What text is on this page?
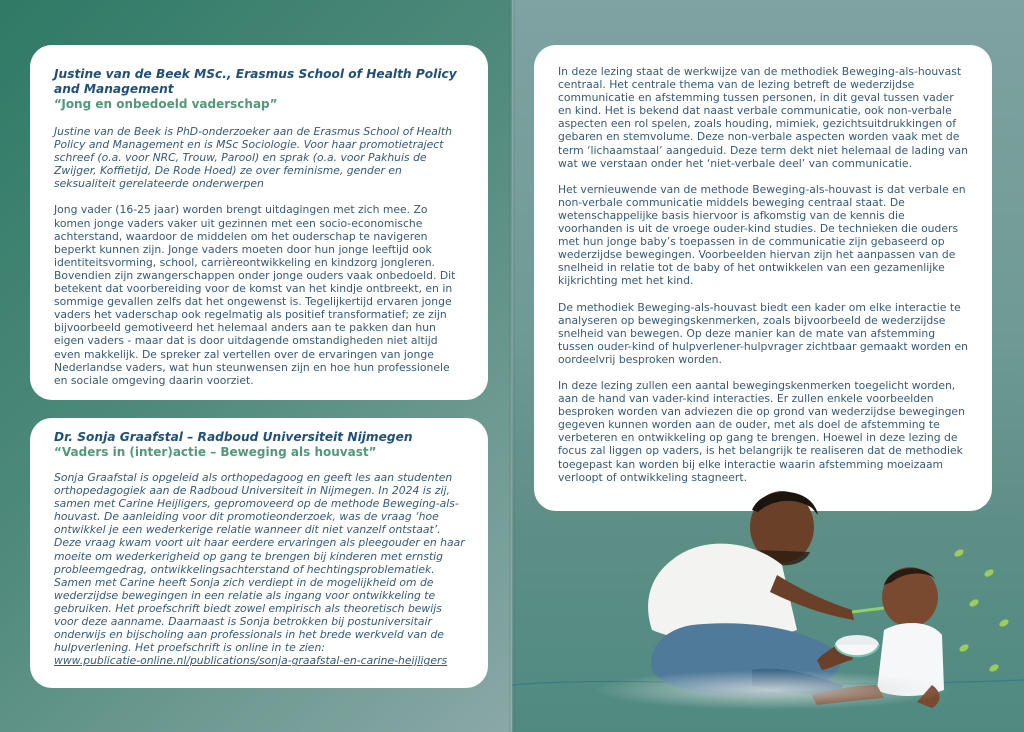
Justine van de Beek MSc., Erasmus School of Health Policy and Management

“Jong en onbedoeld vaderschap”

Justine van de Beek is PhD-onderzoeker aan de Erasmus School of Health Policy and Management en is MSc Sociologie. Voor haar promotietraject schreef (o.a. voor NRC, Trouw, Parool) en sprak (o.a. voor Pakhuis de Zwijger, Koffietijd, De Rode Hoed) ze over feminisme, gender en seksualiteit gerelateerde onderwerpen

Jong vader (16-25 jaar) worden brengt uitdagingen met zich mee. Zo komen jonge vaders vaker uit gezinnen met een socio-economische achterstand, waardoor de middelen om het ouderschap te navigeren beperkt kunnen zijn. Jonge vaders moeten door hun jonge leeftijd ook identiteitsvorming, school, carrièreontwikkeling en kindzorg jongleren. Bovendien zijn zwangerschappen onder jonge ouders vaak onbedoeld. Dit betekent dat voorbereiding voor de komst van het kindje ontbreekt, en in sommige gevallen zelfs dat het ongewenst is. Tegelijkertijd ervaren jonge vaders het vaderschap ook regelmatig als positief transformatief; ze zijn bijvoorbeeld gemotiveerd het helemaal anders aan te pakken dan hun eigen vaders - maar dat is door uitdagende omstandigheden niet altijd even makkelijk. De spreker zal vertellen over de ervaringen van jonge Nederlandse vaders, wat hun steunwensen zijn en hoe hun professionele en sociale omgeving daarin voorziet.

Dr. Sonja Graafstal – Radboud Universiteit Nijmegen

“Vaders in (inter)actie – Beweging als houvast”

Sonja Graafstal is opgeleid als orthopedagoog en geeft les aan studenten orthopedagogiek aan de Radboud Universiteit in Nijmegen. In 2024 is zij, samen met Carine Heijligers, gepromoveerd op de methode Beweging-als-houvast. De aanleiding voor dit promotieonderzoek, was de vraag ‘hoe ontwikkel je een wederkerige relatie wanneer dit niet vanzelf ontstaat’. Deze vraag kwam voort uit haar eerdere ervaringen als pleegouder en haar moeite om wederkerigheid op gang te brengen bij kinderen met ernstig probleemgedrag, ontwikkelingsachterstand of hechtingsproblematiek. Samen met Carine heeft Sonja zich verdiept in de mogelijkheid om de wederzijdse bewegingen in een relatie als ingang voor ontwikkeling te gebruiken. Het proefschrift biedt zowel empirisch als theoretisch bewijs voor deze aanname. Daarnaast is Sonja betrokken bij postuniversitair onderwijs en bijscholing aan professionals in het brede werkveld van de hulpverlening. Het proefschrift is online in te zien:
www.publicatie-online.nl/publications/sonja-graafstal-en-carine-heijligers

In deze lezing staat de werkwijze van de methodiek Beweging-als-houvast centraal. Het centrale thema van de lezing betreft de wederzijdse communicatie en afstemming tussen personen, in dit geval tussen vader en kind. Het is bekend dat naast verbale communicatie, ook non-verbale aspecten een rol spelen, zoals houding, mimiek, gezichtsuitdrukkingen of gebaren en stemvolume. Deze non-verbale aspecten worden vaak met de term ‘lichaamstaal’ aangeduid. Deze term dekt niet helemaal de lading van wat we verstaan onder het ‘niet-verbale deel’ van communicatie.

Het vernieuwende van de methode Beweging-als-houvast is dat verbale en non-verbale communicatie middels beweging centraal staat. De wetenschappelijke basis hiervoor is afkomstig van de kennis die voorhanden is uit de vroege ouder-kind studies. De technieken die ouders met hun jonge baby’s toepassen in de communicatie zijn gebaseerd op wederzijdse bewegingen. Voorbeelden hiervan zijn het aanpassen van de snelheid in relatie tot de baby of het ontwikkelen van een gezamenlijke kijkrichting met het kind.

De methodiek Beweging-als-houvast biedt een kader om elke interactie te analyseren op bewegingskenmerken, zoals bijvoorbeeld de wederzijdse snelheid van bewegen. Op deze manier kan de mate van afstemming tussen ouder-kind of hulpverlener-hulpvrager zichtbaar gemaakt worden en oordeelvrij besproken worden.

In deze lezing zullen een aantal bewegingskenmerken toegelicht worden, aan de hand van vader-kind interacties. Er zullen enkele voorbeelden besproken worden van adviezen die op grond van wederzijdse bewegingen gegeven kunnen worden aan de ouder, met als doel de afstemming te verbeteren en ontwikkeling op gang te brengen. Hoewel in deze lezing de focus zal liggen op vaders, is het belangrijk te realiseren dat de methodiek toegepast kan worden bij elke interactie waarin afstemming moeizaam verloopt of ontwikkeling stagneert.
